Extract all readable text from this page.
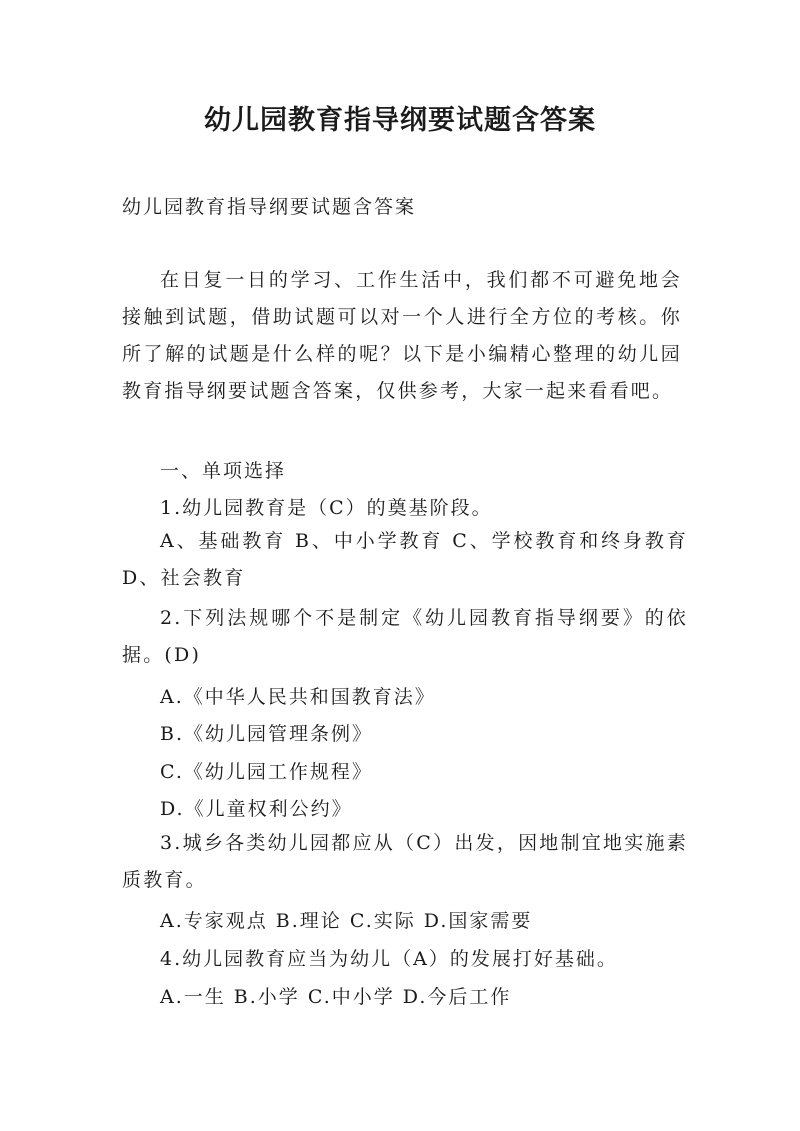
幼儿园教育指导纲要试题含答案
幼儿园教育指导纲要试题含答案

在日复一日的学习、工作生活中，我们都不可避免地会接触到试题，借助试题可以对一个人进行全方位的考核。你所了解的试题是什么样的呢？以下是小编精心整理的幼儿园教育指导纲要试题含答案，仅供参考，大家一起来看看吧。

一、单项选择

1.幼儿园教育是（C）的奠基阶段。

A、基础教育 B、中小学教育 C、学校教育和终身教育 D、社会教育

2.下列法规哪个不是制定《幼儿园教育指导纲要》的依据。(D)

A.《中华人民共和国教育法》

B.《幼儿园管理条例》

C.《幼儿园工作规程》

D.《儿童权利公约》

3.城乡各类幼儿园都应从（C）出发，因地制宜地实施素质教育。

A.专家观点 B.理论 C.实际 D.国家需要

4.幼儿园教育应当为幼儿（A）的发展打好基础。

A.一生 B.小学 C.中小学 D.今后工作
